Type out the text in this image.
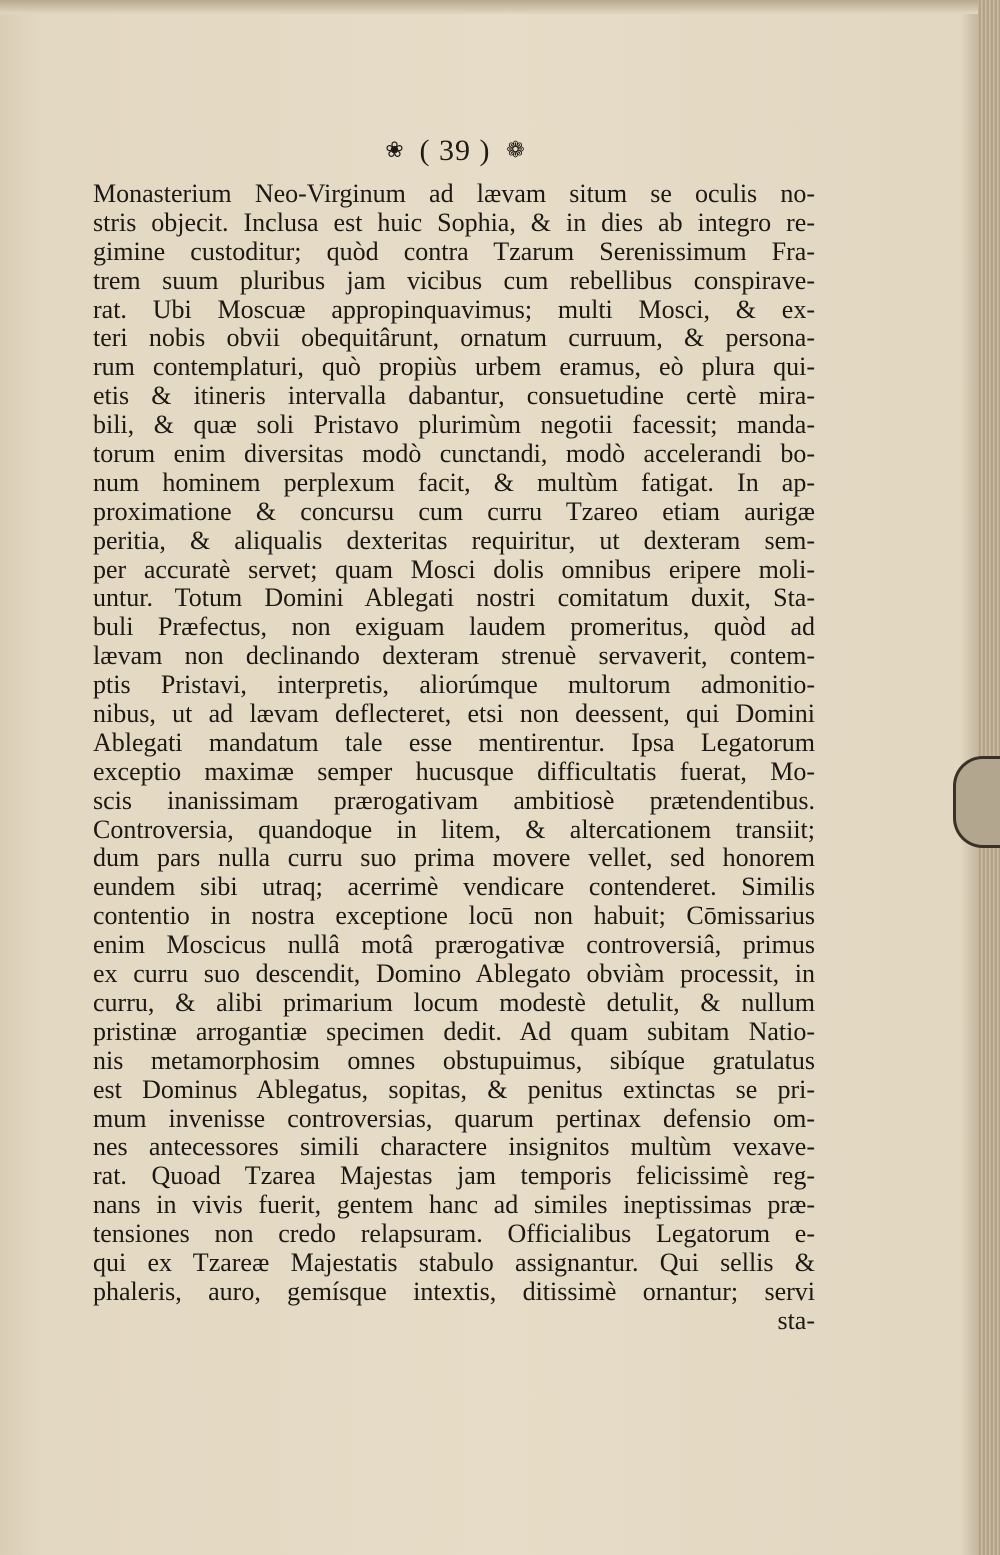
❀ ( 39 ) ❁
Monasterium Neo-Virginum ad lævam situm se oculis no-
stris objecit. Inclusa est huic Sophia, & in dies ab integro re-
gimine custoditur; quòd contra Tzarum Serenissimum Fra-
trem suum pluribus jam vicibus cum rebellibus conspirave-
rat. Ubi Moscuæ appropinquavimus; multi Mosci, & ex-
teri nobis obvii obequitârunt, ornatum curruum, & persona-
rum contemplaturi, quò propiùs urbem eramus, eò plura qui-
etis & itineris intervalla dabantur, consuetudine certè mira-
bili, & quæ soli Pristavo plurimùm negotii facessit; manda-
torum enim diversitas modò cunctandi, modò accelerandi bo-
num hominem perplexum facit, & multùm fatigat. In ap-
proximatione & concursu cum curru Tzareo etiam aurigæ
peritia, & aliqualis dexteritas requiritur, ut dexteram sem-
per accuratè servet; quam Mosci dolis omnibus eripere moli-
untur. Totum Domini Ablegati nostri comitatum duxit, Sta-
buli Præfectus, non exiguam laudem promeritus, quòd ad
lævam non declinando dexteram strenuè servaverit, contem-
ptis Pristavi, interpretis, aliorúmque multorum admonitio-
nibus, ut ad lævam deflecteret, etsi non deessent, qui Domini
Ablegati mandatum tale esse mentirentur. Ipsa Legatorum
exceptio maximæ semper hucusque difficultatis fuerat, Mo-
scis inanissimam prærogativam ambitiosè prætendentibus.
Controversia, quandoque in litem, & altercationem transiit;
dum pars nulla curru suo prima movere vellet, sed honorem
eundem sibi utraq; acerrimè vendicare contenderet. Similis
contentio in nostra exceptione locū non habuit; Cōmissarius
enim Moscicus nullâ motâ prærogativæ controversiâ, primus
ex curru suo descendit, Domino Ablegato obviàm processit, in
curru, & alibi primarium locum modestè detulit, & nullum
pristinæ arrogantiæ specimen dedit. Ad quam subitam Natio-
nis metamorphosim omnes obstupuimus, sibíque gratulatus
est Dominus Ablegatus, sopitas, & penitus extinctas se pri-
mum invenisse controversias, quarum pertinax defensio om-
nes antecessores simili charactere insignitos multùm vexave-
rat. Quoad Tzarea Majestas jam temporis felicissimè reg-
nans in vivis fuerit, gentem hanc ad similes ineptissimas præ-
tensiones non credo relapsuram. Officialibus Legatorum e-
qui ex Tzareæ Majestatis stabulo assignantur. Qui sellis &
phaleris, auro, gemísque intextis, ditissimè ornantur; servi
sta-
